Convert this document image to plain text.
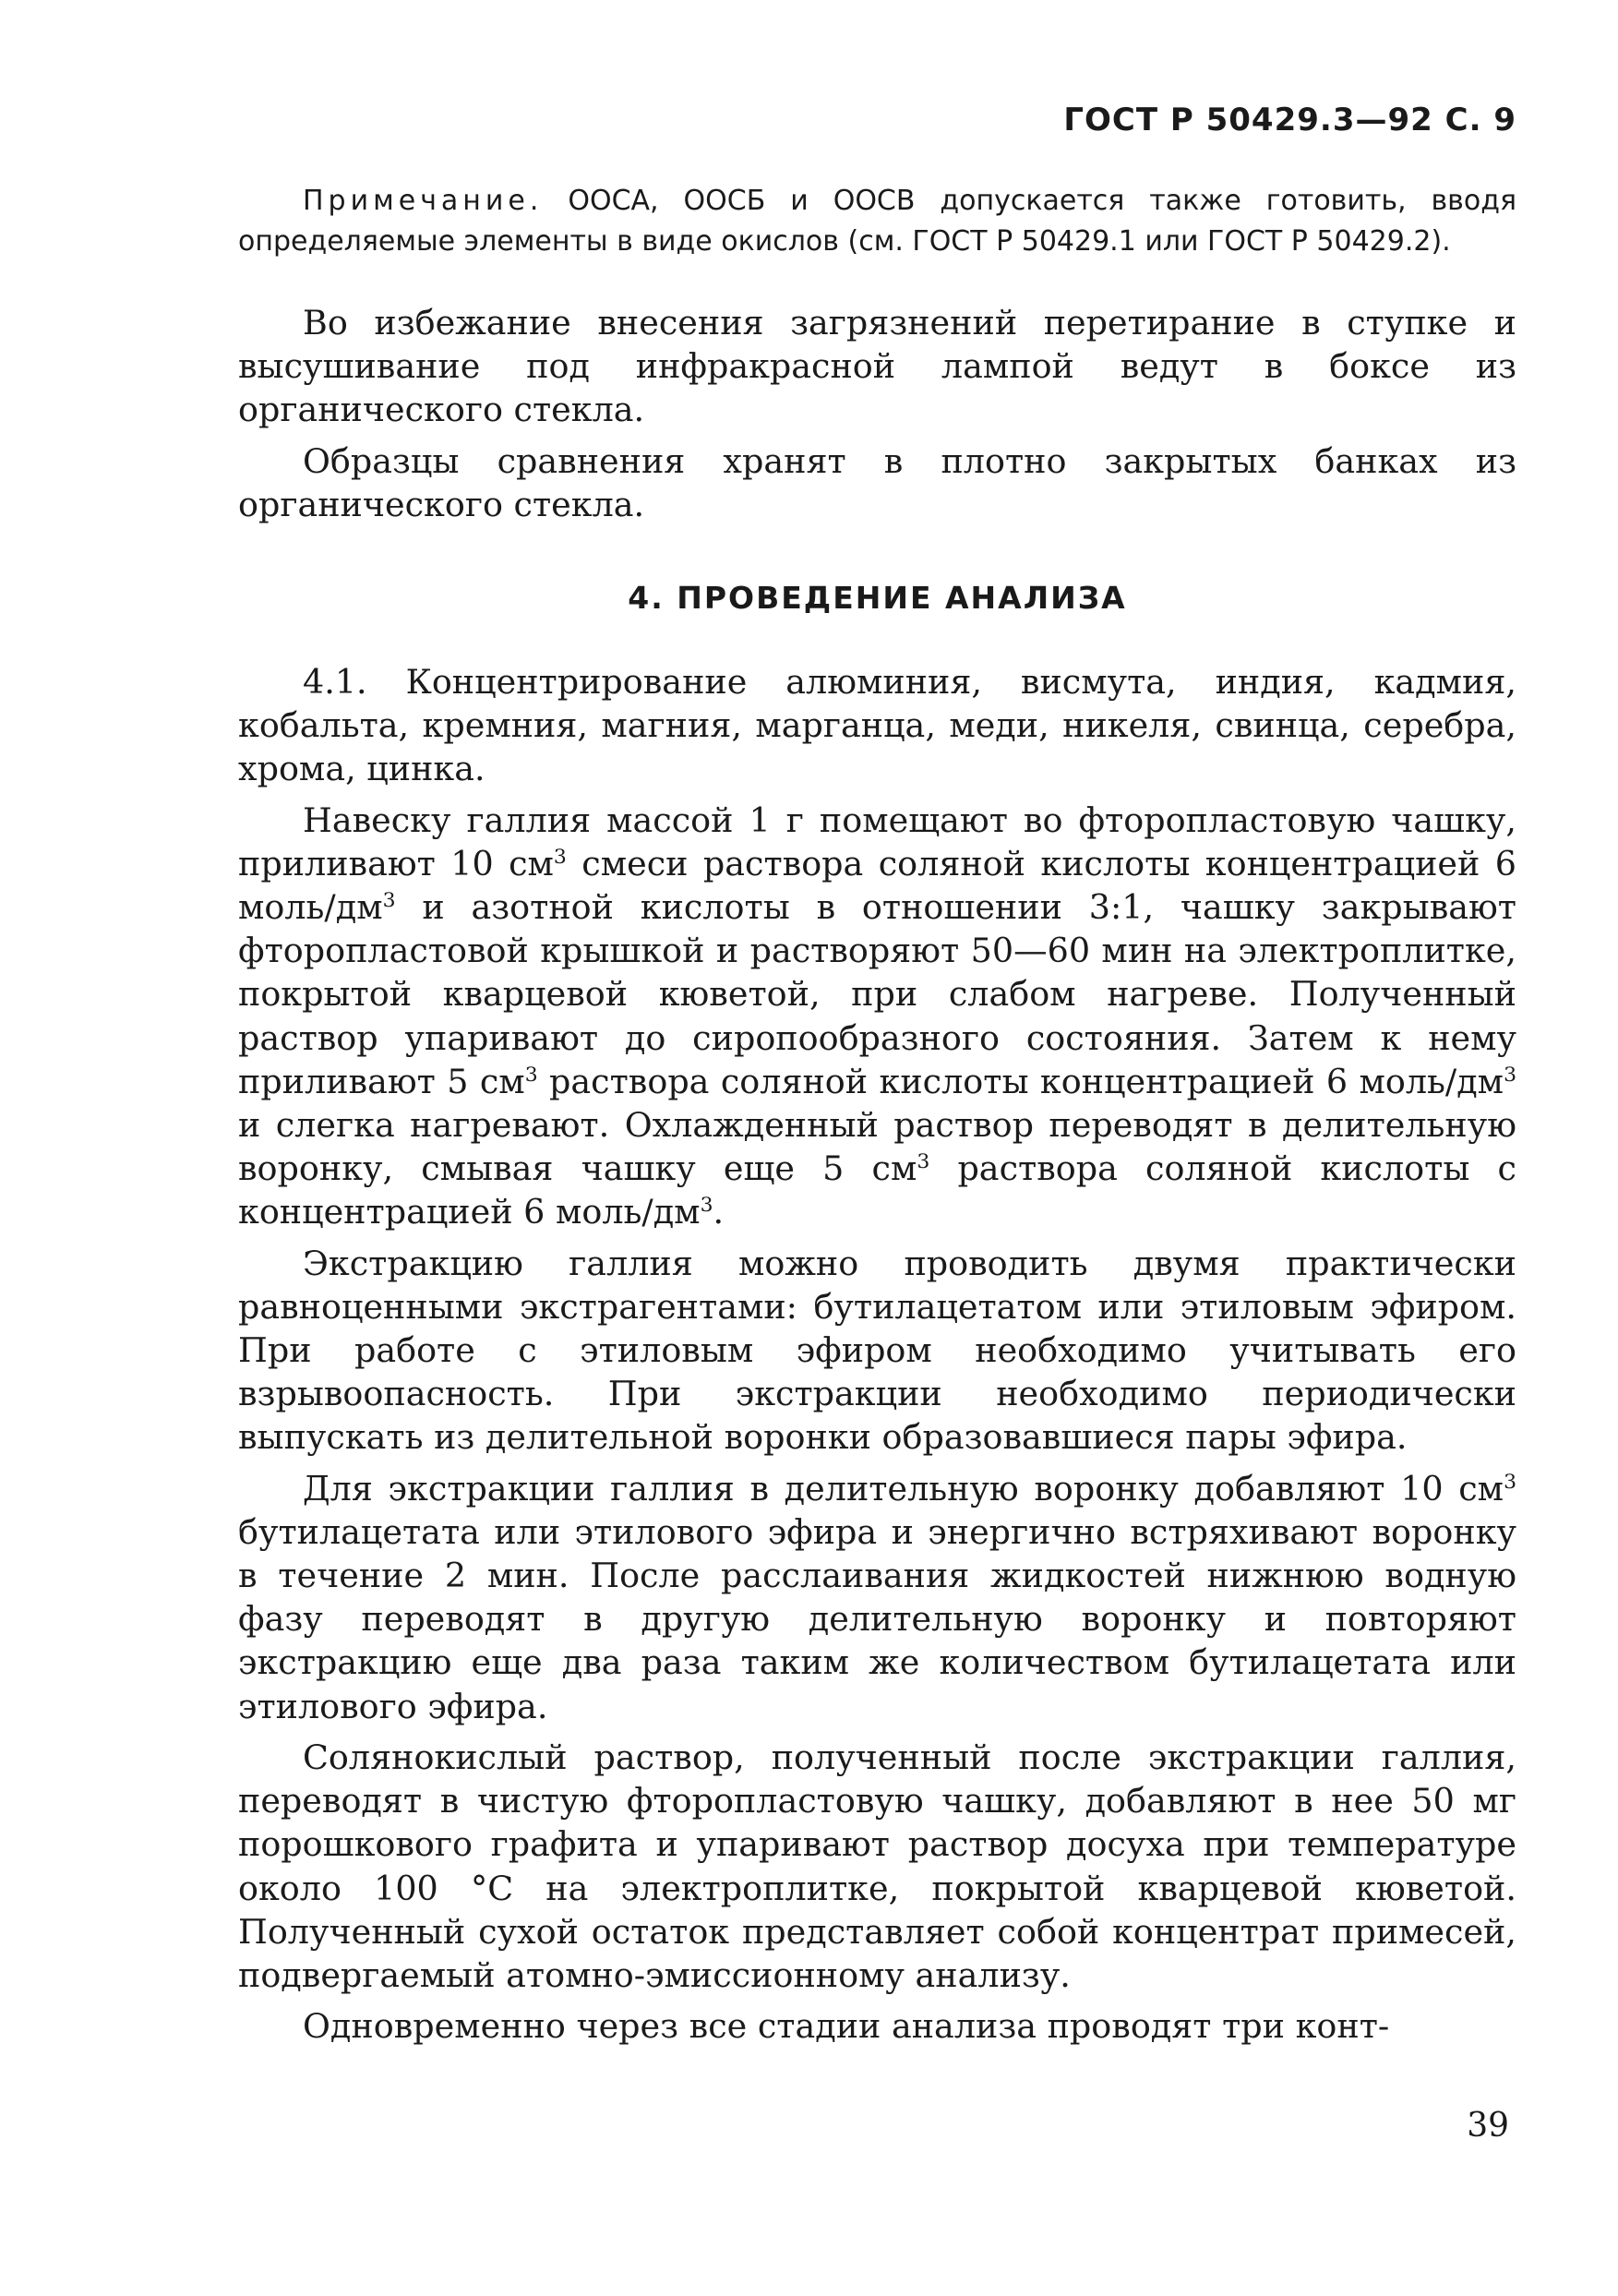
ГОСТ Р 50429.3—92 С. 9
Примечание. ООСА, ООСБ и ООСВ допускается также готовить, вводя определяемые элементы в виде окислов (см. ГОСТ Р 50429.1 или ГОСТ Р 50429.2).

Во избежание внесения загрязнений перетирание в ступке и высушивание под инфракрасной лампой ведут в боксе из органического стекла.

Образцы сравнения хранят в плотно закрытых банках из органического стекла.

4. ПРОВЕДЕНИЕ АНАЛИЗА

4.1. Концентрирование алюминия, висмута, индия, кадмия, кобальта, кремния, магния, марганца, меди, никеля, свинца, серебра, хрома, цинка.

Навеску галлия массой 1 г помещают во фторопластовую чашку, приливают 10 $см^3$ смеси раствора соляной кислоты концентрацией 6 моль/$дм^3$ и азотной кислоты в отношении 3:1, чашку закрывают фторопластовой крышкой и растворяют 50—60 мин на электроплитке, покрытой кварцевой кюветой, при слабом нагреве. Полученный раствор упаривают до сиропообразного состояния. Затем к нему приливают 5 $см^3$ раствора соляной кислоты концентрацией 6 моль/$дм^3$ и слегка нагревают. Охлажденный раствор переводят в делительную воронку, смывая чашку еще 5 $см^3$ раствора соляной кислоты с концентрацией 6 моль/$дм^3$.

Экстракцию галлия можно проводить двумя практически равноценными экстрагентами: бутилацетатом или этиловым эфиром. При работе с этиловым эфиром необходимо учитывать его взрывоопасность. При экстракции необходимо периодически выпускать из делительной воронки образовавшиеся пары эфира.

Для экстракции галлия в делительную воронку добавляют 10 $см^3$ бутилацетата или этилового эфира и энергично встряхивают воронку в течение 2 мин. После расслаивания жидкостей нижнюю водную фазу переводят в другую делительную воронку и повторяют экстракцию еще два раза таким же количеством бутилацетата или этилового эфира.

Солянокислый раствор, полученный после экстракции галлия, переводят в чистую фторопластовую чашку, добавляют в нее 50 мг порошкового графита и упаривают раствор досуха при температуре около 100 °С на электроплитке, покрытой кварцевой кюветой. Полученный сухой остаток представляет собой концентрат примесей, подвергаемый атомно-эмиссионному анализу.

Одновременно через все стадии анализа проводят три конт-

39
